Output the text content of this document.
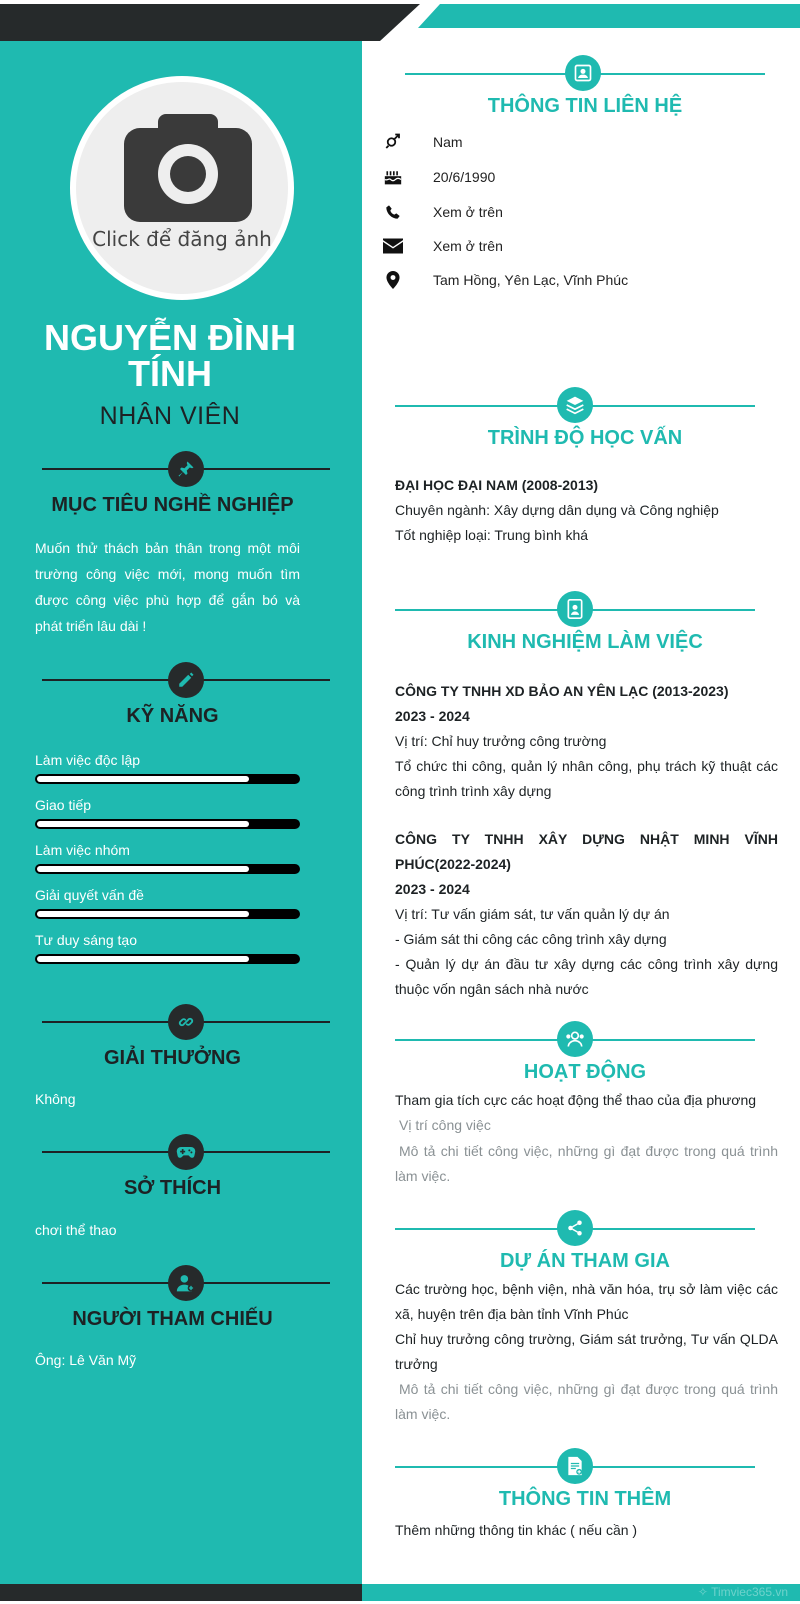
Click để đăng ảnh
NGUYỄN ĐÌNH TÍNH
NHÂN VIÊN
MỤC TIÊU NGHỀ NGHIỆP
Muốn thử thách bản thân trong một môi trường công việc mới, mong muốn tìm được công việc phù hợp để gắn bó và phát triển lâu dài !
KỸ NĂNG
Làm việc độc lập
Giao tiếp
Làm việc nhóm
Giải quyết vấn đề
Tư duy sáng tạo
GIẢI THƯỞNG
Không
SỞ THÍCH
chơi thể thao
NGƯỜI THAM CHIẾU
Ông: Lê Văn Mỹ
THÔNG TIN LIÊN HỆ
Nam
20/6/1990
Xem ở trên
Xem ở trên
Tam Hồng, Yên Lạc, Vĩnh Phúc
TRÌNH ĐỘ HỌC VẤN
ĐẠI HỌC ĐẠI NAM (2008-2013)
Chuyên ngành: Xây dựng dân dụng và Công nghiệp
Tốt nghiệp loại: Trung bình khá
KINH NGHIỆM LÀM VIỆC
CÔNG TY TNHH XD BẢO AN YÊN LẠC (2013-2023)
2023 - 2024
Vị trí: Chỉ huy trưởng công trường
Tổ chức thi công, quản lý nhân công, phụ trách kỹ thuật các công trình trình xây dựng
CÔNG TY TNHH XÂY DỰNG NHẬT MINH VĨNH PHÚC(2022-2024)
2023 - 2024
Vị trí: Tư vấn giám sát, tư vấn quản lý dự án
- Giám sát thi công các công trình xây dựng
- Quản lý dự án đầu tư xây dựng các công trình xây dựng thuộc vốn ngân sách nhà nước
HOẠT ĐỘNG
Tham gia tích cực các hoạt động thể thao của địa phương
Vị trí công việc
Mô tả chi tiết công việc, những gì đạt được trong quá trình làm việc.
DỰ ÁN THAM GIA
Các trường học, bệnh viện, nhà văn hóa, trụ sở làm việc các xã, huyện trên địa bàn tỉnh Vĩnh Phúc
Chỉ huy trưởng công trường, Giám sát trưởng, Tư vấn QLDA trưởng
Mô tả chi tiết công việc, những gì đạt được trong quá trình làm việc.
THÔNG TIN THÊM
Thêm những thông tin khác ( nếu cần )
✧ Timviec365.vn
